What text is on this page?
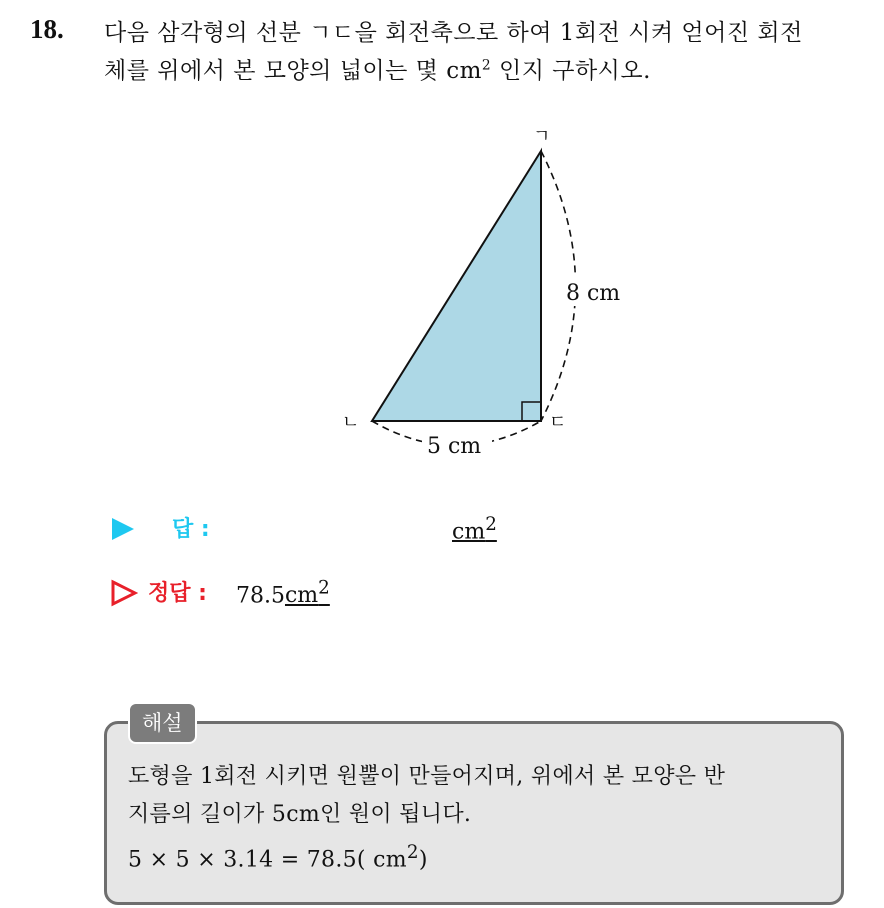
18. 다음 삼각형의 선분 ㄱㄷ을 회전축으로 하여 1회전 시켜 얻어진 회전
체를 위에서 본 모양의 넓이는 몇 $cm^2$ 인지 구하시오.
ㄱ
ㄴ	ㄷ
8 cm
5 cm
답 :	$cm^2$
정답 : $78.5cm^2$
해설
도형을 1회전 시키면 원뿔이 만들어지며, 위에서 본 모양은 반
지름의 길이가 5cm인 원이 됩니다.
5 × 5 × 3.14 = 78.5( $cm^2$)
